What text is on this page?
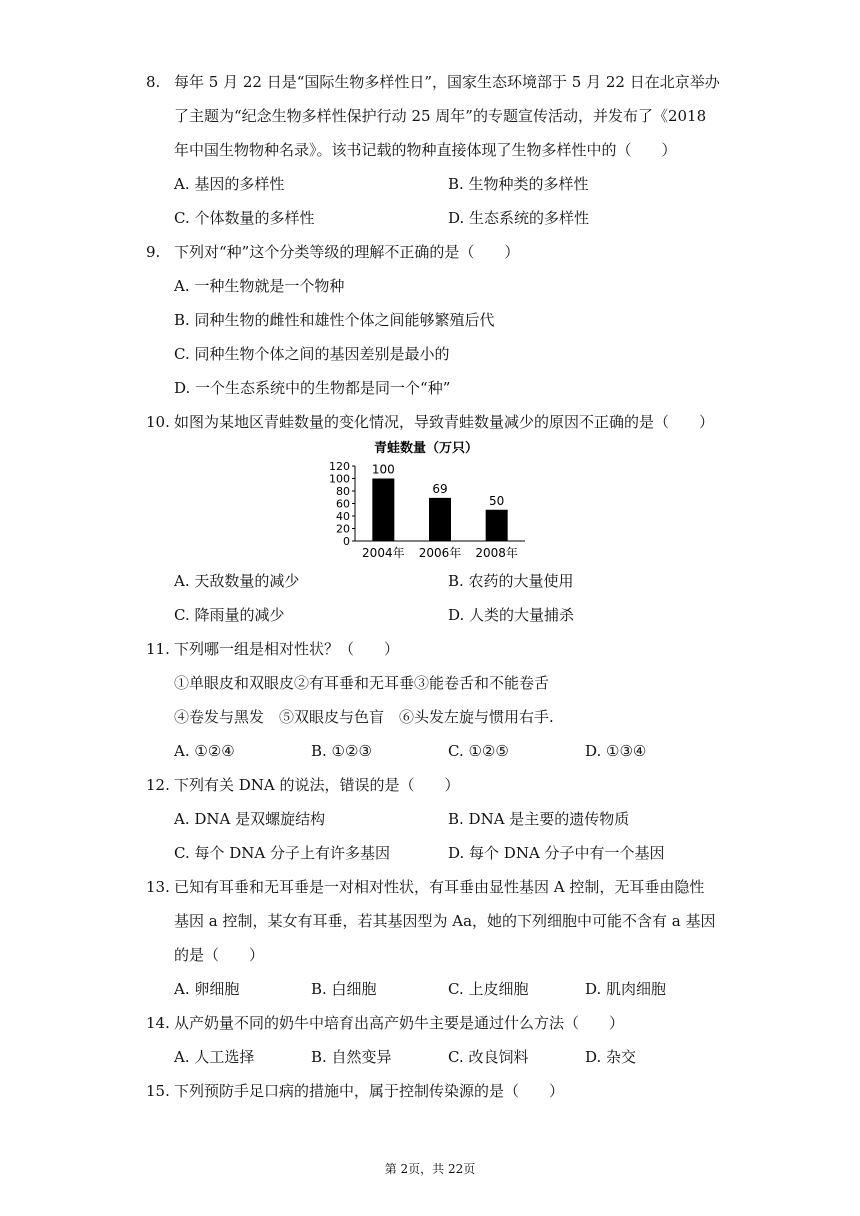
8. 每年 5 月 22 日是“国际生物多样性日”，国家生态环境部于 5 月 22 日在北京举办
了主题为“纪念生物多样性保护行动 25 周年”的专题宣传活动，并发布了《2018
年中国生物物种名录》。该书记载的物种直接体现了生物多样性中的（　　）
A. 基因的多样性	B. 生物种类的多样性
C. 个体数量的多样性	D. 生态系统的多样性
9. 下列对“种”这个分类等级的理解不正确的是（　　）
A. 一种生物就是一个物种
B. 同种生物的雌性和雄性个体之间能够繁殖后代
C. 同种生物个体之间的基因差别是最小的
D. 一个生态系统中的生物都是同一个“种”
10. 如图为某地区青蛙数量的变化情况，导致青蛙数量减少的原因不正确的是（　　）
青蛙数量（万只）
0
20
40
60
80
100
120 100
2004年
69
2006年
50
2008年
A. 天敌数量的减少	B. 农药的大量使用
C. 降雨量的减少	D. 人类的大量捕杀
11. 下列哪一组是相对性状？（　　）
①单眼皮和双眼皮②有耳垂和无耳垂③能卷舌和不能卷舌
④卷发与黑发　⑤双眼皮与色盲　⑥头发左旋与惯用右手.
A. ①②④	B. ①②③	C. ①②⑤	D. ①③④
12. 下列有关 DNA 的说法，错误的是（　　）
A. DNA 是双螺旋结构	B. DNA 是主要的遗传物质
C. 每个 DNA 分子上有许多基因	D. 每个 DNA 分子中有一个基因
13. 已知有耳垂和无耳垂是一对相对性状，有耳垂由显性基因 A 控制，无耳垂由隐性
基因 a 控制，某女有耳垂，若其基因型为 Aa，她的下列细胞中可能不含有 a 基因
的是（　　）
A. 卵细胞	B. 白细胞	C. 上皮细胞	D. 肌肉细胞
14. 从产奶量不同的奶牛中培育出高产奶牛主要是通过什么方法（　　）
A. 人工选择	B. 自然变异	C. 改良饲料	D. 杂交
15. 下列预防手足口病的措施中，属于控制传染源的是（　　）
第 2页，共 22页
